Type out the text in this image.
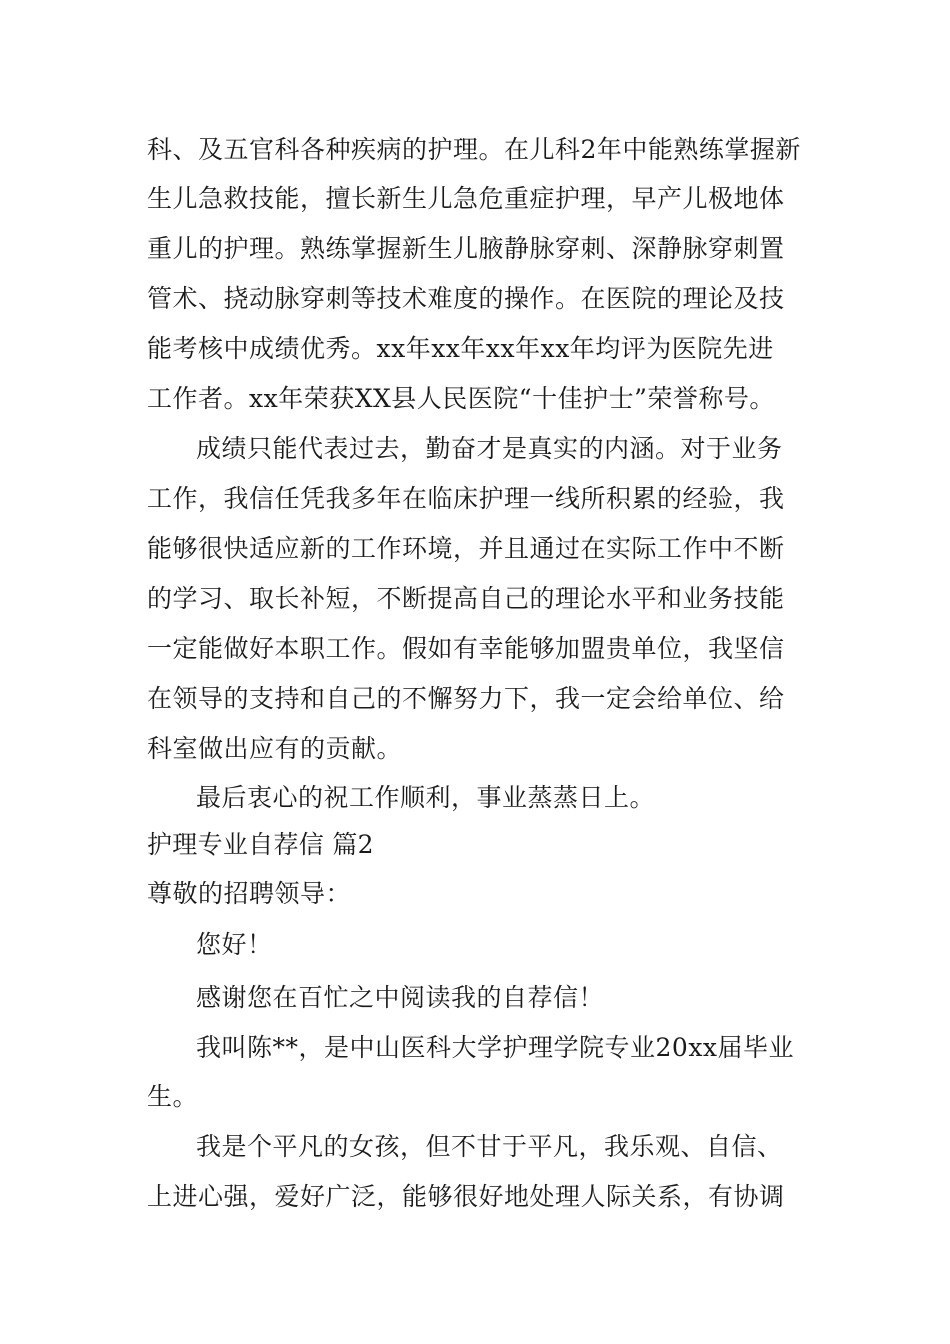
科、及五官科各种疾病的护理。在儿科2年中能熟练掌握新
生儿急救技能，擅长新生儿急危重症护理，早产儿极地体
重儿的护理。熟练掌握新生儿腋静脉穿刺、深静脉穿刺置
管术、挠动脉穿刺等技术难度的操作。在医院的理论及技
能考核中成绩优秀。xx年xx年xx年xx年均评为医院先进
工作者。xx年荣获XX县人民医院“十佳护士”荣誉称号。
成绩只能代表过去，勤奋才是真实的内涵。对于业务
工作，我信任凭我多年在临床护理一线所积累的经验，我
能够很快适应新的工作环境，并且通过在实际工作中不断
的学习、取长补短，不断提高自己的理论水平和业务技能
一定能做好本职工作。假如有幸能够加盟贵单位，我坚信
在领导的支持和自己的不懈努力下，我一定会给单位、给
科室做出应有的贡献。
最后衷心的祝工作顺利，事业蒸蒸日上。
护理专业自荐信 篇2
尊敬的招聘领导：
您好！
感谢您在百忙之中阅读我的自荐信！
我叫陈**，是中山医科大学护理学院专业20xx届毕业
生。
我是个平凡的女孩，但不甘于平凡，我乐观、自信、
上进心强，爱好广泛，能够很好地处理人际关系，有协调
